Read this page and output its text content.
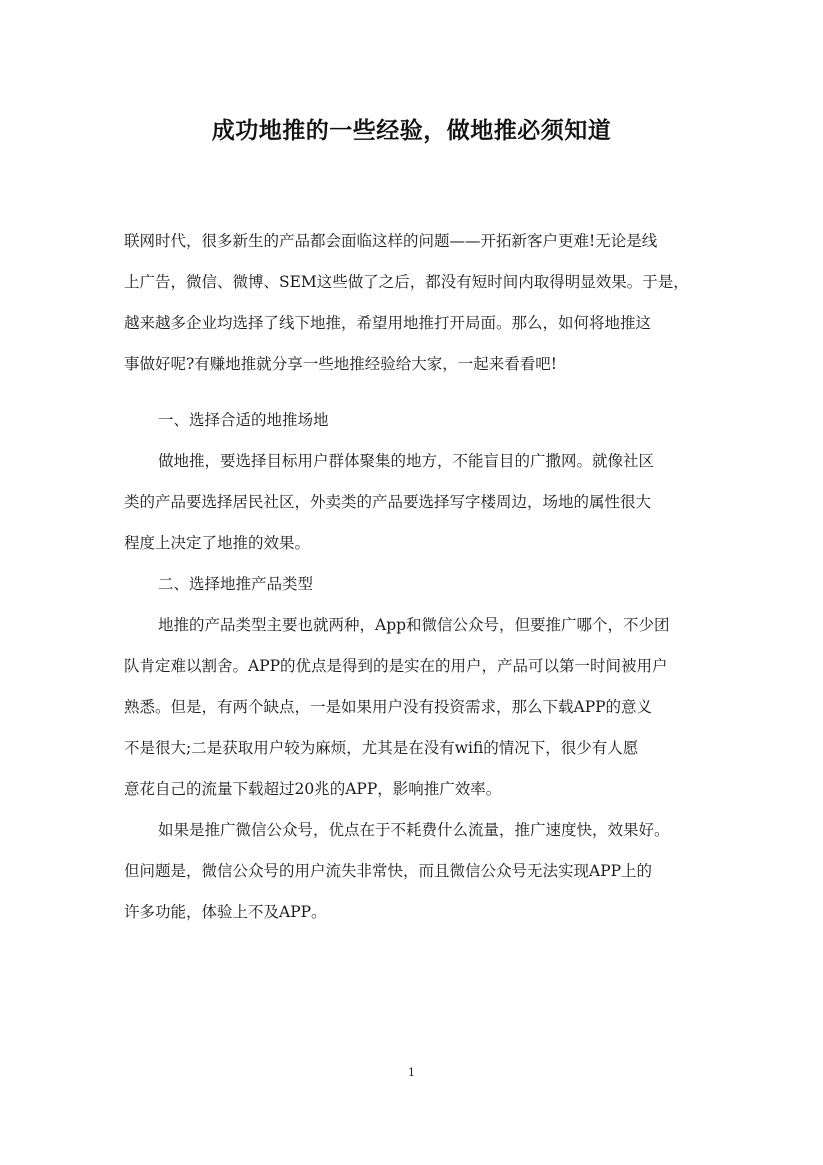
成功地推的一些经验，做地推必须知道
联网时代，很多新生的产品都会面临这样的问题——开拓新客户更难!无论是线
上广告，微信、微博、SEM这些做了之后，都没有短时间内取得明显效果。于是，
越来越多企业均选择了线下地推，希望用地推打开局面。那么，如何将地推这
事做好呢?有赚地推就分享一些地推经验给大家，一起来看看吧!
一、选择合适的地推场地
做地推，要选择目标用户群体聚集的地方，不能盲目的广撒网。就像社区
类的产品要选择居民社区，外卖类的产品要选择写字楼周边，场地的属性很大
程度上决定了地推的效果。
二、选择地推产品类型
地推的产品类型主要也就两种，App和微信公众号，但要推广哪个，不少团
队肯定难以割舍。APP的优点是得到的是实在的用户，产品可以第一时间被用户
熟悉。但是，有两个缺点，一是如果用户没有投资需求，那么下载APP的意义
不是很大;二是获取用户较为麻烦，尤其是在没有wifi的情况下，很少有人愿
意花自己的流量下载超过20兆的APP，影响推广效率。
如果是推广微信公众号，优点在于不耗费什么流量，推广速度快，效果好。
但问题是，微信公众号的用户流失非常快，而且微信公众号无法实现APP上的
许多功能，体验上不及APP。
1
